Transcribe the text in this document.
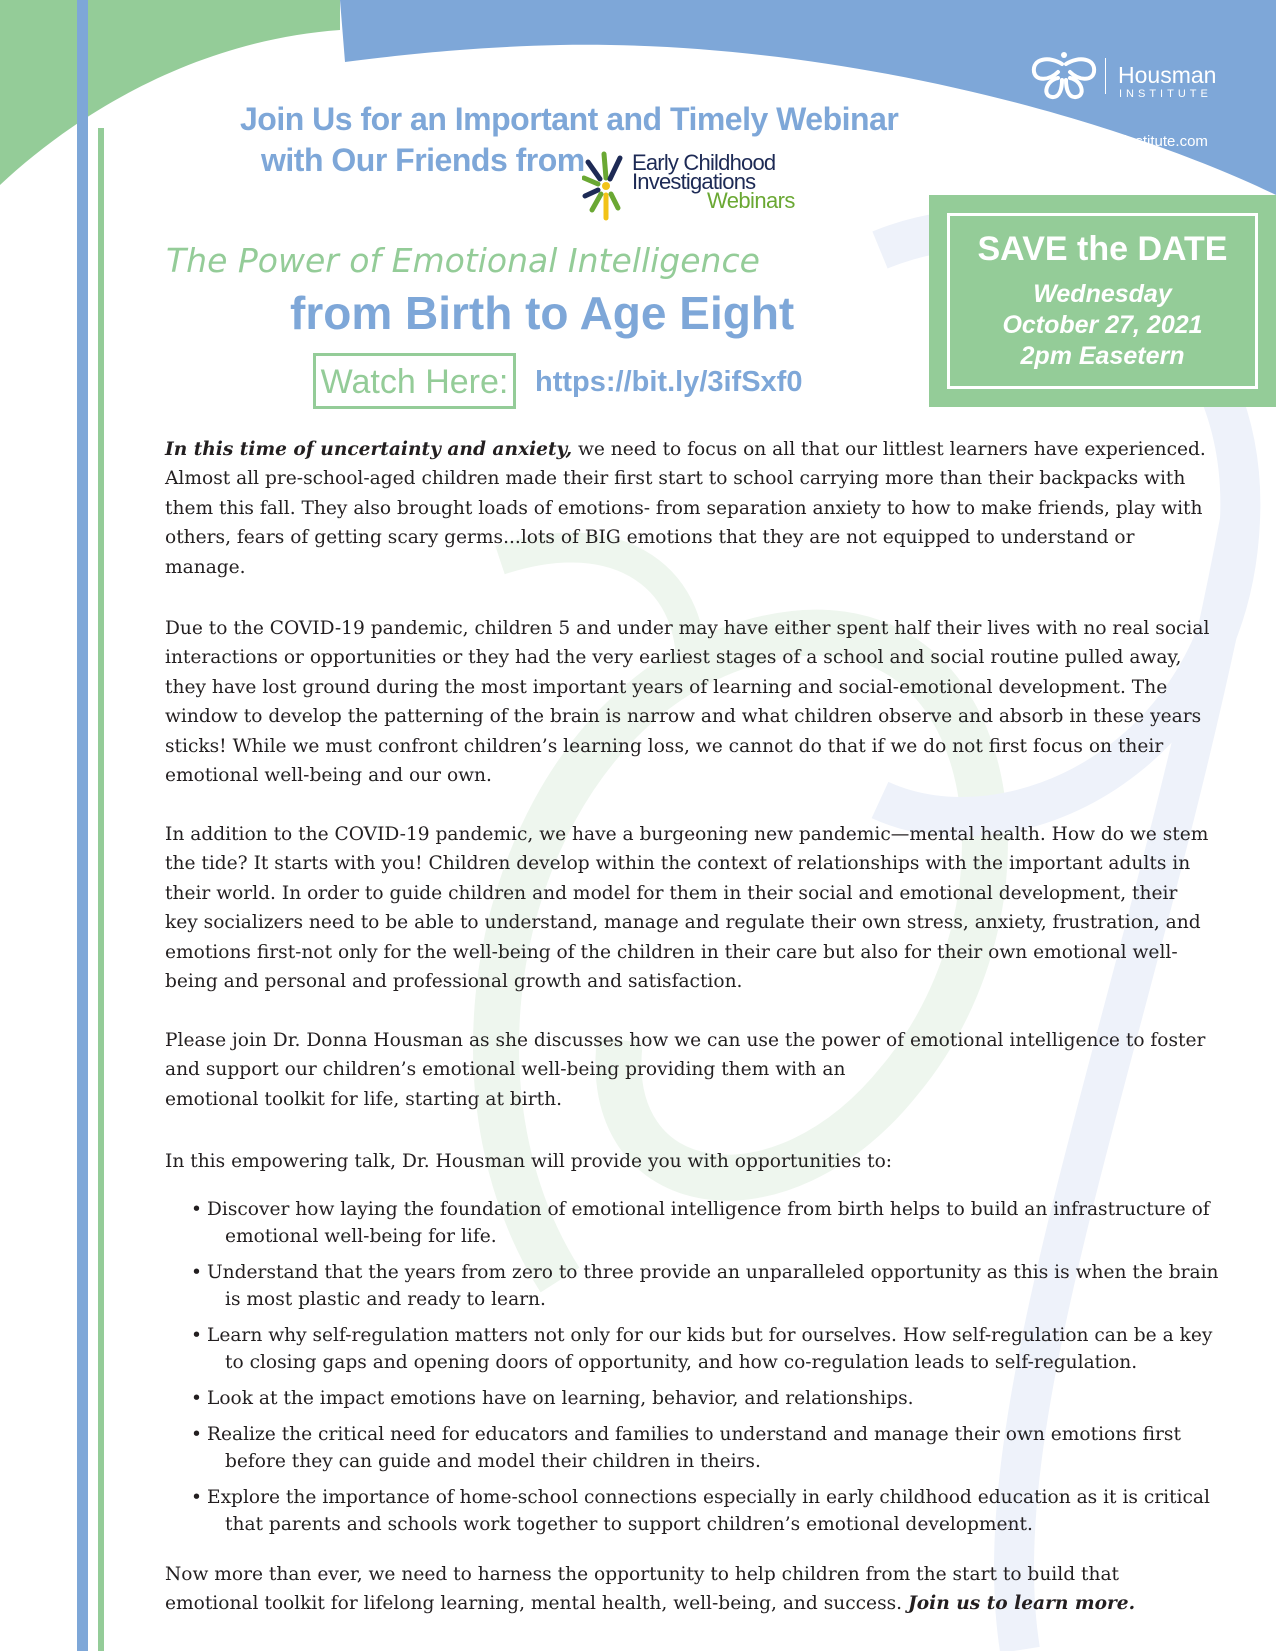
Housman
INSTITUTE
housmaninstitute.com
Join Us for an Important and Timely Webinar
with Our Friends from Early Childhood
Investigations
Webinars
The Power of Emotional Intelligence
from Birth to Age Eight
Watch Here: https://bit.ly/3ifSxf0
SAVE the DATE
Wednesday
October 27, 2021
2pm Easetern

In this time of uncertainty and anxiety, we need to focus on all that our littlest learners have experienced. Almost all pre-school-aged children made their first start to school carrying more than their backpacks with them this fall. They also brought loads of emotions- from separation anxiety to how to make friends, play with others, fears of getting scary germs...lots of BIG emotions that they are not equipped to understand or manage.

Due to the COVID-19 pandemic, children 5 and under may have either spent half their lives with no real social interactions or opportunities or they had the very earliest stages of a school and social routine pulled away, they have lost ground during the most important years of learning and social-emotional development. The window to develop the patterning of the brain is narrow and what children observe and absorb in these years sticks! While we must confront children’s learning loss, we cannot do that if we do not first focus on their emotional well-being and our own.

In addition to the COVID-19 pandemic, we have a burgeoning new pandemic—mental health. How do we stem the tide? It starts with you! Children develop within the context of relationships with the important adults in their world. In order to guide children and model for them in their social and emotional development, their key socializers need to be able to understand, manage and regulate their own stress, anxiety, frustration, and emotions first-not only for the well-being of the children in their care but also for their own emotional well-being and personal and professional growth and satisfaction.

Please join Dr. Donna Housman as she discusses how we can use the power of emotional intelligence to foster
and support our children’s emotional well-being providing them with an
emotional toolkit for life, starting at birth.

In this empowering talk, Dr. Housman will provide you with opportunities to:

• Discover how laying the foundation of emotional intelligence from birth helps to build an infrastructure of emotional well-being for life.
• Understand that the years from zero to three provide an unparalleled opportunity as this is when the brain is most plastic and ready to learn.
• Learn why self-regulation matters not only for our kids but for ourselves. How self-regulation can be a key to closing gaps and opening doors of opportunity, and how co-regulation leads to self-regulation.
• Look at the impact emotions have on learning, behavior, and relationships.
• Realize the critical need for educators and families to understand and manage their own emotions first before they can guide and model their children in theirs.
• Explore the importance of home-school connections especially in early childhood education as it is critical that parents and schools work together to support children’s emotional development.

Now more than ever, we need to harness the opportunity to help children from the start to build that emotional toolkit for lifelong learning, mental health, well-being, and success. Join us to learn more.
